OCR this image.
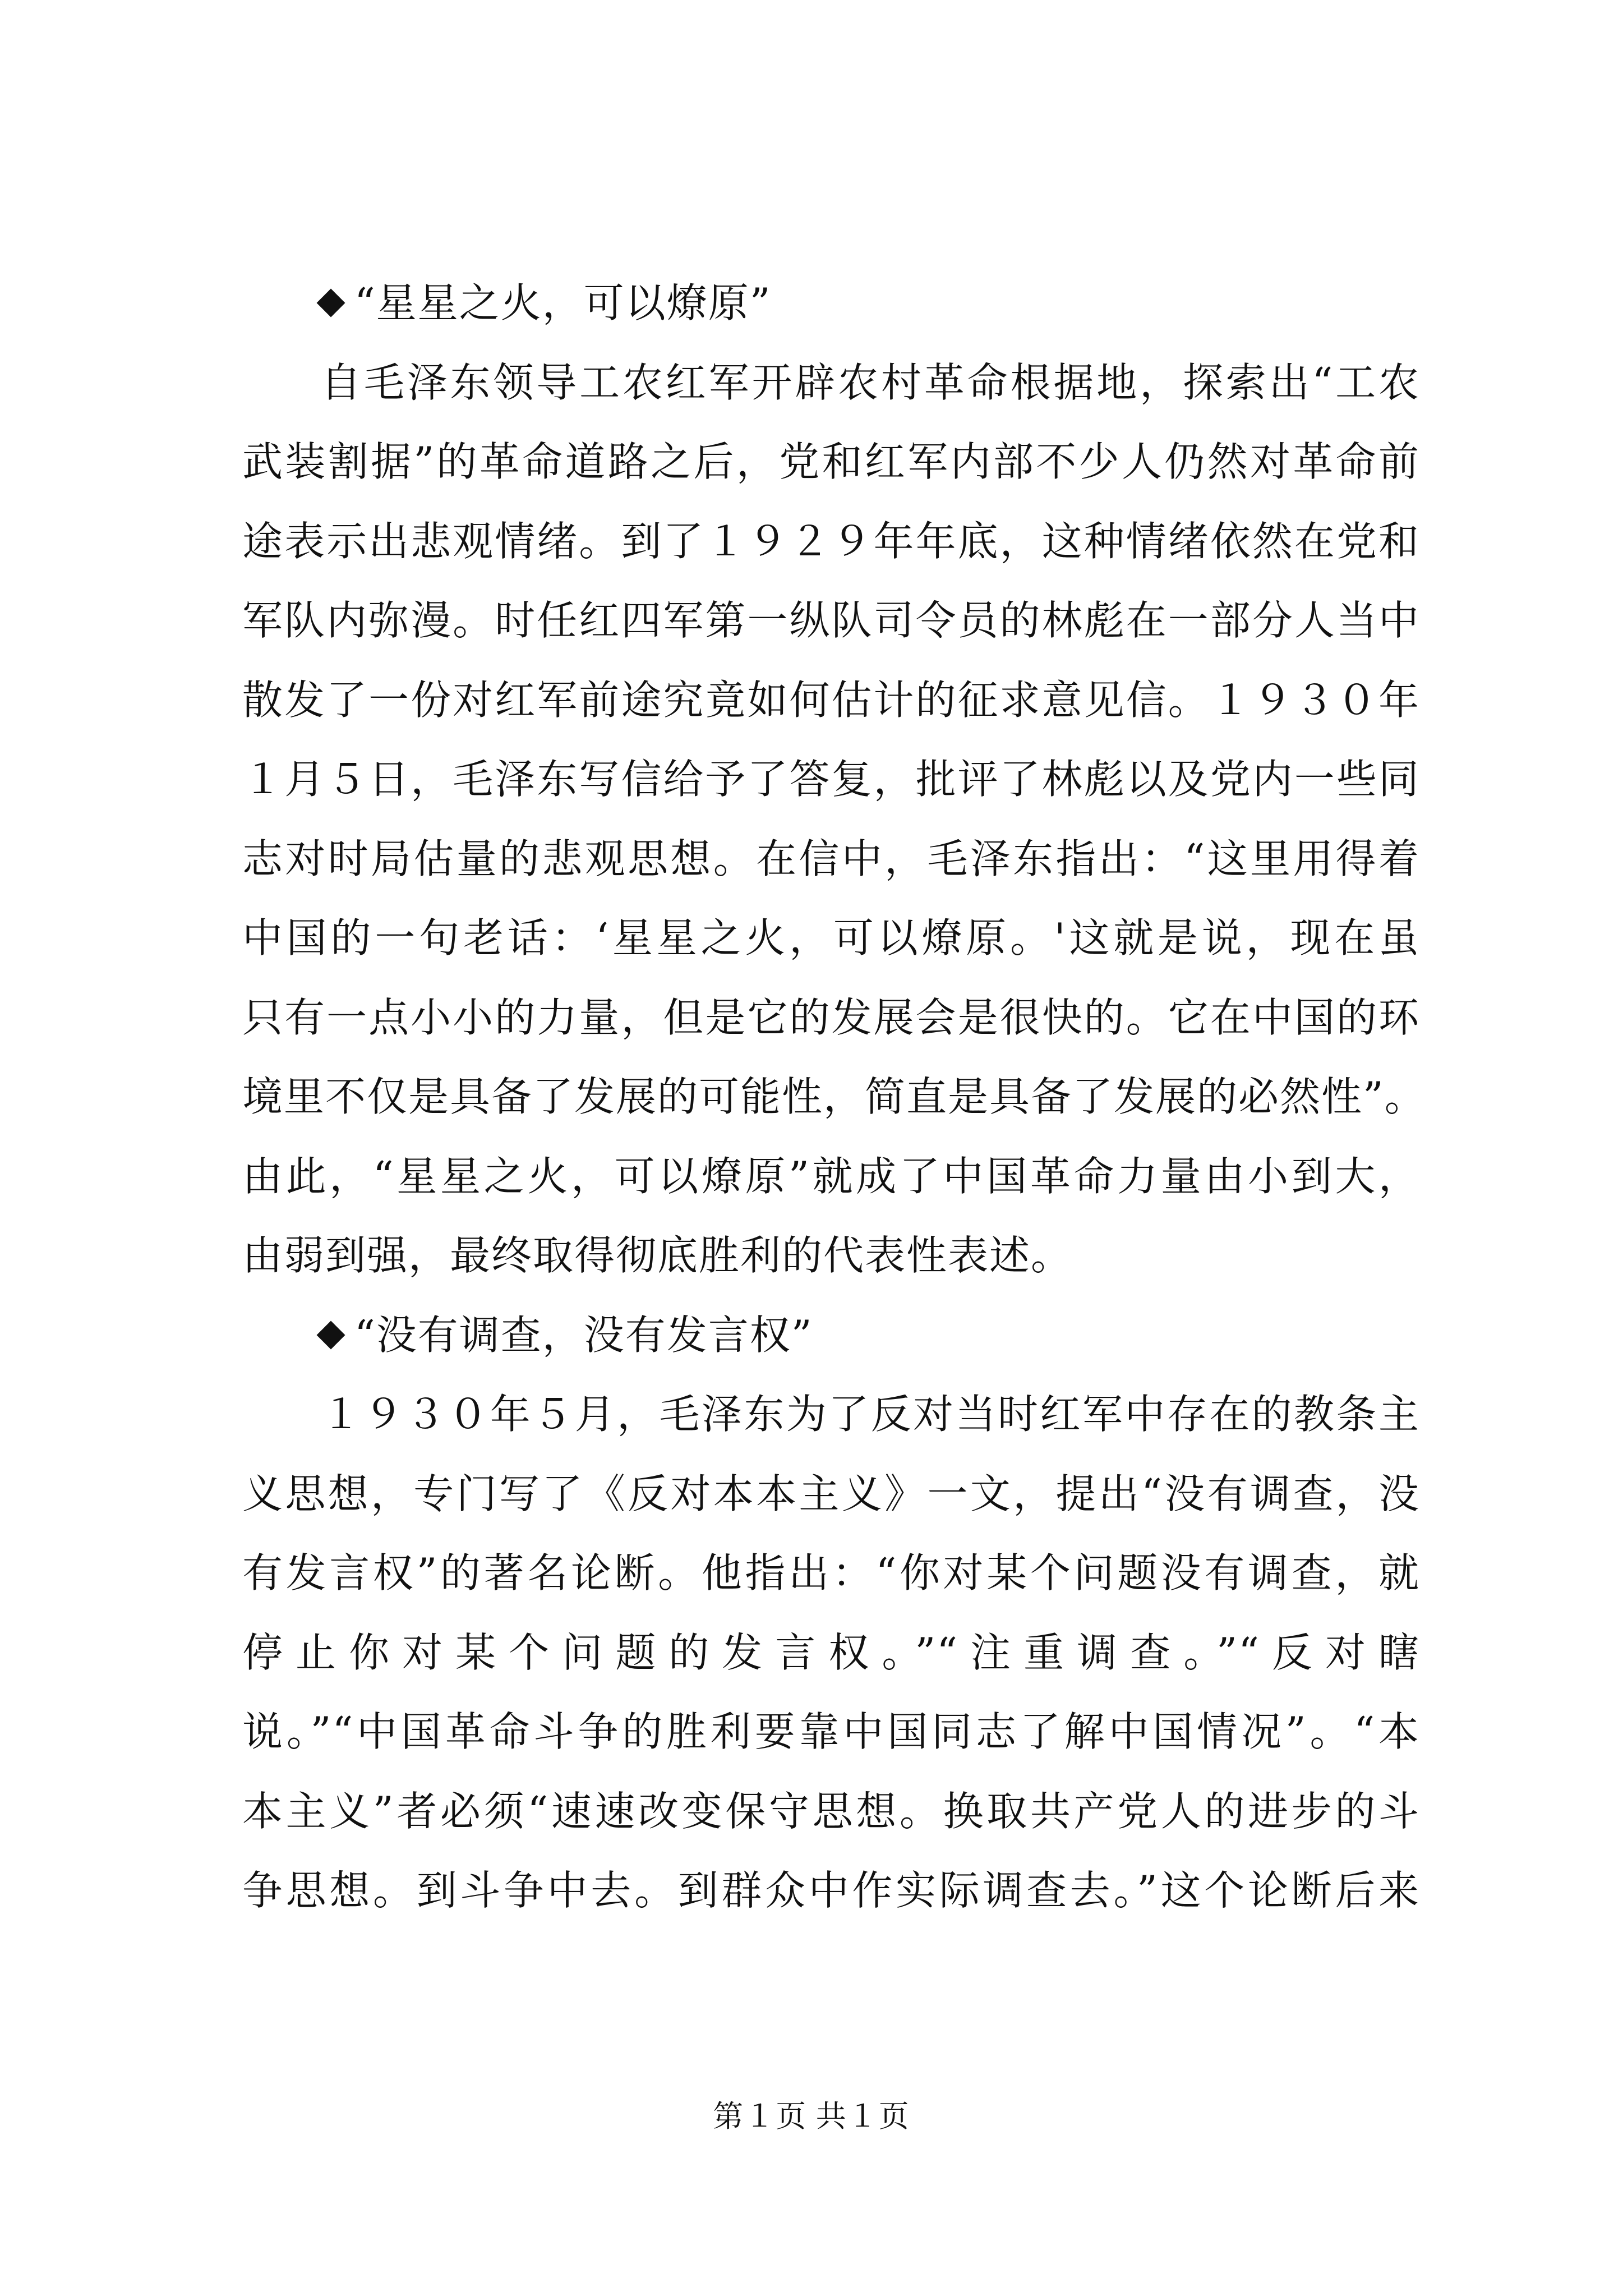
“星星之火，可以燎原”
自毛泽东领导工农红军开辟农村革命根据地，探索出“工农
武装割据”的革命道路之后，党和红军内部不少人仍然对革命前
途表示出悲观情绪。到了１９２９年年底，这种情绪依然在党和
军队内弥漫。时任红四军第一纵队司令员的林彪在一部分人当中
散发了一份对红军前途究竟如何估计的征求意见信。１９３０年
１月５日，毛泽东写信给予了答复，批评了林彪以及党内一些同
志对时局估量的悲观思想。在信中，毛泽东指出：“这里用得着
中国的一句老话：‘星星之火，可以燎原。'这就是说，现在虽
只有一点小小的力量，但是它的发展会是很快的。它在中国的环
境里不仅是具备了发展的可能性，简直是具备了发展的必然性”。
由此，“星星之火，可以燎原”就成了中国革命力量由小到大，
由弱到强，最终取得彻底胜利的代表性表述。
“没有调查，没有发言权”
１９３０年５月，毛泽东为了反对当时红军中存在的教条主
义思想，专门写了《反对本本主义》一文，提出“没有调查，没
有发言权”的著名论断。他指出：“你对某个问题没有调查，就
停止你对某个问题的发言权。”“注重调查。”“反对瞎
说。”“中国革命斗争的胜利要靠中国同志了解中国情况”。“本
本主义”者必须“速速改变保守思想。换取共产党人的进步的斗
争思想。到斗争中去。到群众中作实际调查去。”这个论断后来
第１页 共１页
